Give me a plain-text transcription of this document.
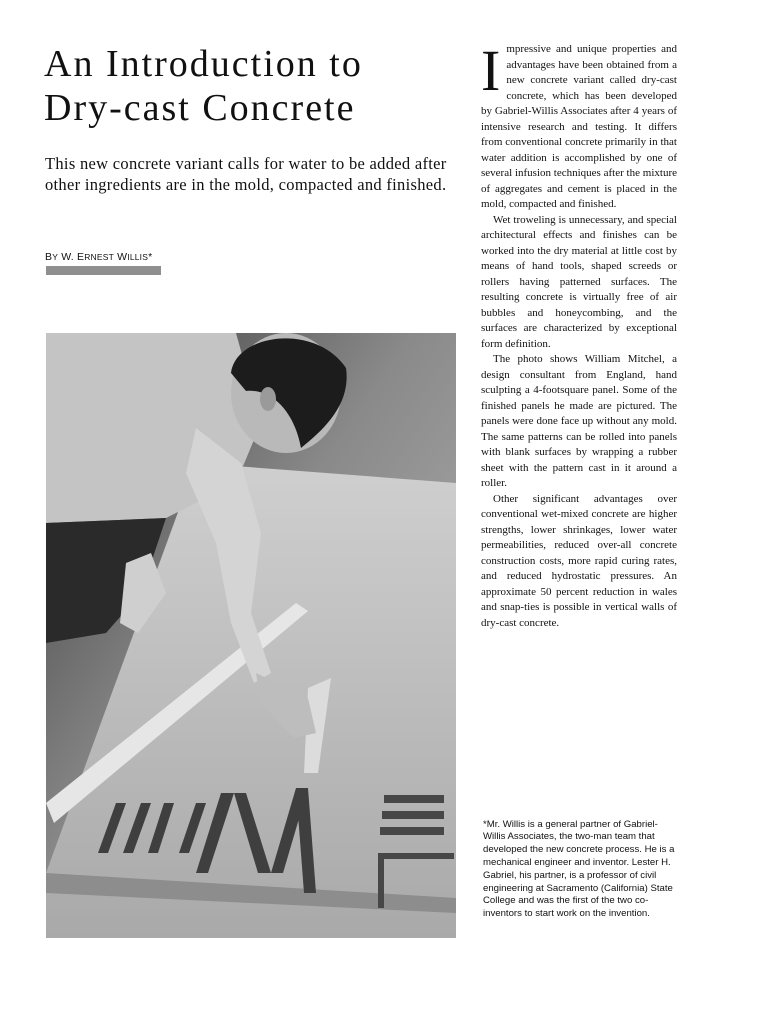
An Introduction to
Dry-cast Concrete

This new concrete variant calls for water to be added after other ingredients are in the mold, compacted and finished.

BY W. ERNEST WILLIS*

Impressive and unique properties and advantages have been obtained from a new concrete variant called dry-cast concrete, which has been developed by Gabriel-Willis Associates after 4 years of intensive research and testing. It differs from conventional concrete primarily in that water addition is accomplished by one of several infusion techniques after the mixture of aggregates and cement is placed in the mold, compacted and finished.

Wet troweling is unnecessary, and special architectural effects and finishes can be worked into the dry material at little cost by means of hand tools, shaped screeds or rollers having patterned surfaces. The resulting concrete is virtually free of air bubbles and honeycombing, and the surfaces are characterized by exceptional form definition.

The photo shows William Mitchel, a design consultant from England, hand sculpting a 4-footsquare panel. Some of the finished panels he made are pictured. The panels were done face up without any mold. The same patterns can be rolled into panels with blank surfaces by wrapping a rubber sheet with the pattern cast in it around a roller.

Other significant advantages over conventional wet-mixed concrete are higher strengths, lower shrinkages, lower water permeabilities, reduced over-all concrete construction costs, more rapid curing rates, and reduced hydrostatic pressures. An approximate 50 percent reduction in wales and snap-ties is possible in vertical walls of dry-cast concrete.

*Mr. Willis is a general partner of Gabriel-Willis Associates, the two-man team that developed the new concrete process. He is a mechanical engineer and inventor. Lester H. Gabriel, his partner, is a professor of civil engineering at Sacramento (California) State College and was the first of the two co-inventors to start work on the invention.
